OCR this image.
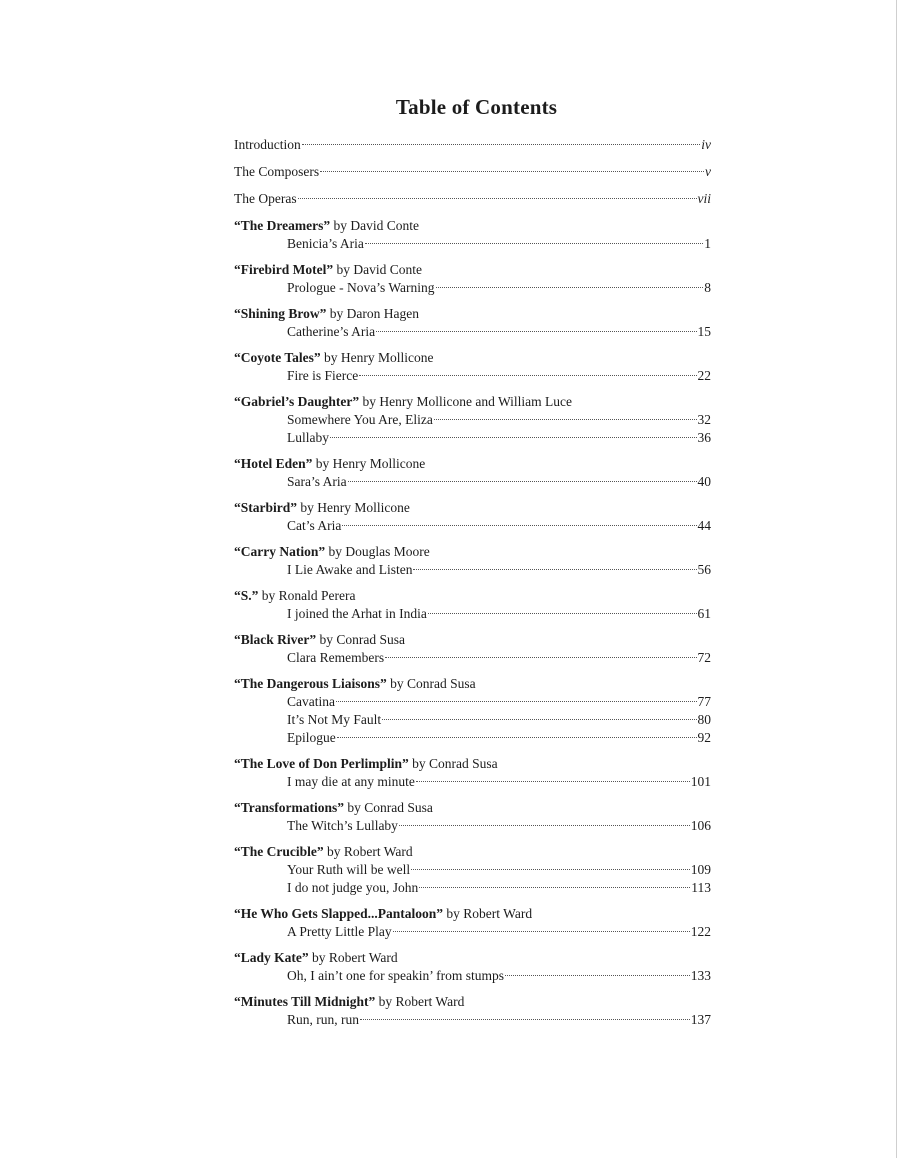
Table of Contents
Introduction	iv
The Composers	v
The Operas	vii
“The Dreamers” by David Conte
Benicia’s Aria	1
“Firebird Motel” by David Conte
Prologue - Nova’s Warning	8
“Shining Brow” by Daron Hagen
Catherine’s Aria	15
“Coyote Tales” by Henry Mollicone
Fire is Fierce	22
“Gabriel’s Daughter” by Henry Mollicone and William Luce
Somewhere You Are, Eliza	32
Lullaby	36
“Hotel Eden” by Henry Mollicone
Sara’s Aria	40
“Starbird” by Henry Mollicone
Cat’s Aria	44
“Carry Nation” by Douglas Moore
I Lie Awake and Listen	56
“S.” by Ronald Perera
I joined the Arhat in India	61
“Black River” by Conrad Susa
Clara Remembers	72
“The Dangerous Liaisons” by Conrad Susa
Cavatina	77
It’s Not My Fault	80
Epilogue	92
“The Love of Don Perlimplin” by Conrad Susa
I may die at any minute	101
“Transformations” by Conrad Susa
The Witch’s Lullaby	106
“The Crucible” by Robert Ward
Your Ruth will be well	109
I do not judge you, John	113
“He Who Gets Slapped...Pantaloon” by Robert Ward
A Pretty Little Play	122
“Lady Kate” by Robert Ward
Oh, I ain’t one for speakin’ from stumps	133
“Minutes Till Midnight” by Robert Ward
Run, run, run	137
